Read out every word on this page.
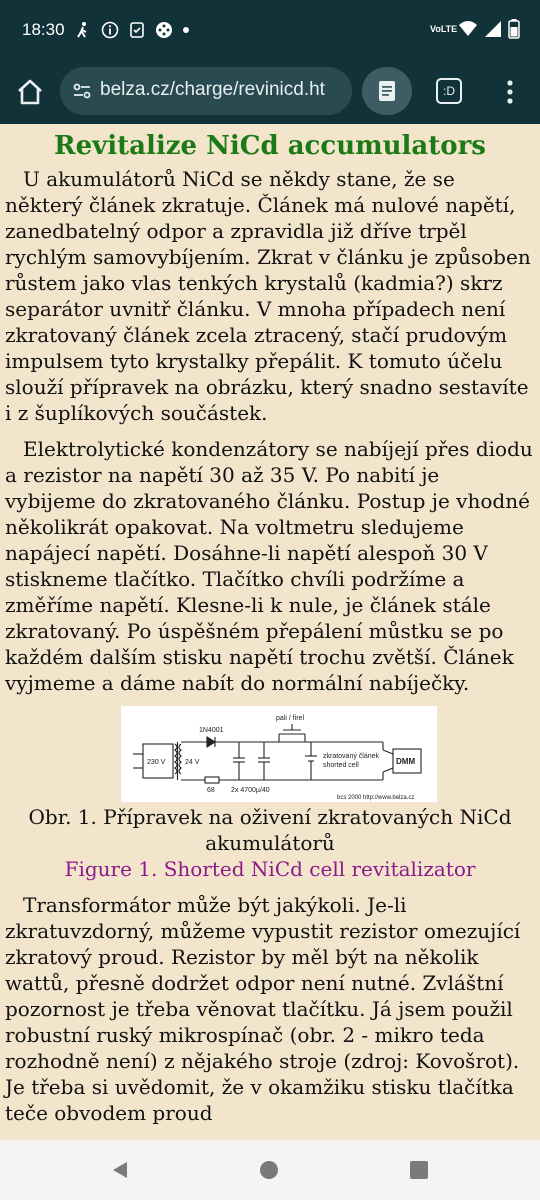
18:30	Vo⁠LTE
belza.cz/charge/revinicd.ht	:D
Revitalize NiCd accumulators

U akumulátorů NiCd se někdy stane, že se některý článek zkratuje. Článek má nulové napětí, zanedbatelný odpor a zpravidla již dříve trpěl rychlým samovybíjením. Zkrat v článku je způsoben růstem jako vlas tenkých krystalů (kadmia?) skrz separátor uvnitř článku. V mnoha případech není zkratovaný článek zcela ztracený, stačí prudovým impulsem tyto krystalky přepálit. K tomuto účelu slouží přípravek na obrázku, který snadno sestavíte i z šuplíkových součástek.

Elektrolytické kondenzátory se nabíjejí přes diodu a rezistor na napětí 30 až 35 V. Po nabití je vybijeme do zkratovaného článku. Postup je vhodné několikrát opakovat. Na voltmetru sledujeme napájecí napětí. Dosáhne-li napětí alespoň 30 V stiskneme tlačítko. Tlačítko chvíli podržíme a změříme napětí. Klesne-li k nule, je článek stále zkratovaný. Po úspěšném přepálení můstku se po každém dalším stisku napětí trochu zvětší. Článek vyjmeme a dáme nabít do normální nabíječky.

1N4001
pali / firel
230 V	24 V
68 2x 4700µ/40
zkratovaný článek
shorted cell	DMM
bcs 2000 http://www.belza.cz
Obr. 1. Přípravek na oživení zkratovaných NiCd akumulátorů
Figure 1. Shorted NiCd cell revitalizator

Transformátor může být jakýkoli. Je-li zkratuvzdorný, můžeme vypustit rezistor omezující zkratový proud. Rezistor by měl být na několik wattů, přesně dodržet odpor není nutné. Zvláštní pozornost je třeba věnovat tlačítku. Já jsem použil robustní ruský mikrospínač (obr. 2 - mikro teda rozhodně není) z nějakého stroje (zdroj: Kovošrot). Je třeba si uvědomit, že v okamžiku stisku tlačítka teče obvodem proud
